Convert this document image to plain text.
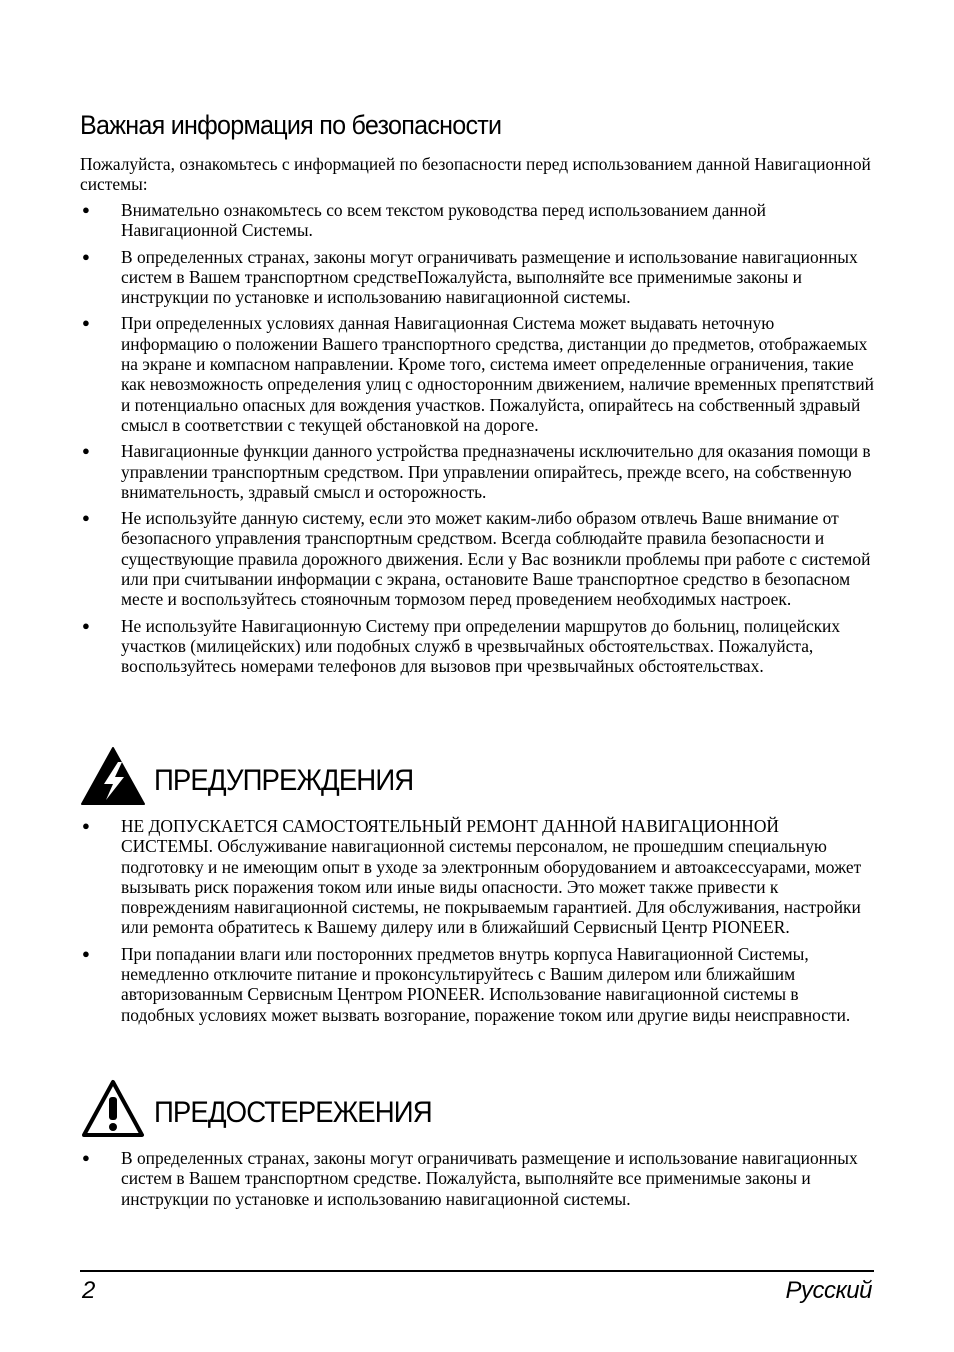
Важная информация по безопасности
Пожалуйста, ознакомьтесь с информацией по безопасности перед использованием данной Навигационной системы:
● Внимательно ознакомьтесь со всем текстом руководства перед использованием данной Навигационной Системы.
● В определенных странах, законы могут ограничивать размещение и использование навигационных систем в Вашем транспортном средствеПожалуйста, выполняйте все применимые законы и инструкции по установке и использованию навигационной системы.
● При определенных условиях данная Навигационная Система может выдавать неточную информацию о положении Вашего транспортного средства, дистанции до предметов, отображаемых на экране и компасном направлении. Кроме того, система имеет определенные ограничения, такие как невозможность определения улиц с односторонним движением, наличие временных препятствий и потенциально опасных для вождения участков. Пожалуйста, опирайтесь на собственный здравый смысл в соответствии с текущей обстановкой на дороге.
● Навигационные функции данного устройства предназначены исключительно для оказания помощи в управлении транспортным средством. При управлении опирайтесь, прежде всего, на собственную внимательность, здравый смысл и осторожность.
● Не используйте данную систему, если это может каким-либо образом отвлечь Ваше внимание от безопасного управления транспортным средством. Всегда соблюдайте правила безопасности и существующие правила дорожного движения. Если у Вас возникли проблемы при работе с системой или при считывании информации с экрана, остановите Ваше транспортное средство в безопасном месте и воспользуйтесь стояночным тормозом перед проведением необходимых настроек.
● Не используйте Навигационную Систему при определении маршрутов до больниц, полицейских участков (милицейских) или подобных служб в чрезвычайных обстоятельствах. Пожалуйста, воспользуйтесь номерами телефонов для вызовов при чрезвычайных обстоятельствах.
ПРЕДУПРЕЖДЕНИЯ
● НЕ ДОПУСКАЕТСЯ САМОСТОЯТЕЛЬНЫЙ РЕМОНТ ДАННОЙ НАВИГАЦИОННОЙ СИСТЕМЫ. Обслуживание навигационной системы персоналом, не прошедшим специальную подготовку и не имеющим опыт в уходе за электронным оборудованием и автоаксессуарами, может вызывать риск поражения током или иные виды опасности. Это может также привести к повреждениям навигационной системы, не покрываемым гарантией. Для обслуживания, настройки или ремонта обратитесь к Вашему дилеру или в ближайший Сервисный Центр PIONEER.
● При попадании влаги или посторонних предметов внутрь корпуса Навигационной Системы, немедленно отключите питание и проконсультируйтесь с Вашим дилером или ближайшим авторизованным Сервисным Центром PIONEER. Использование навигационной системы в подобных условиях может вызвать возгорание, поражение током или другие виды неисправности.
ПРЕДОСТЕРЕЖЕНИЯ
● В определенных странах, законы могут ограничивать размещение и использование навигационных систем в Вашем транспортном средстве. Пожалуйста, выполняйте все применимые законы и инструкции по установке и использованию навигационной системы.
2	Русский
